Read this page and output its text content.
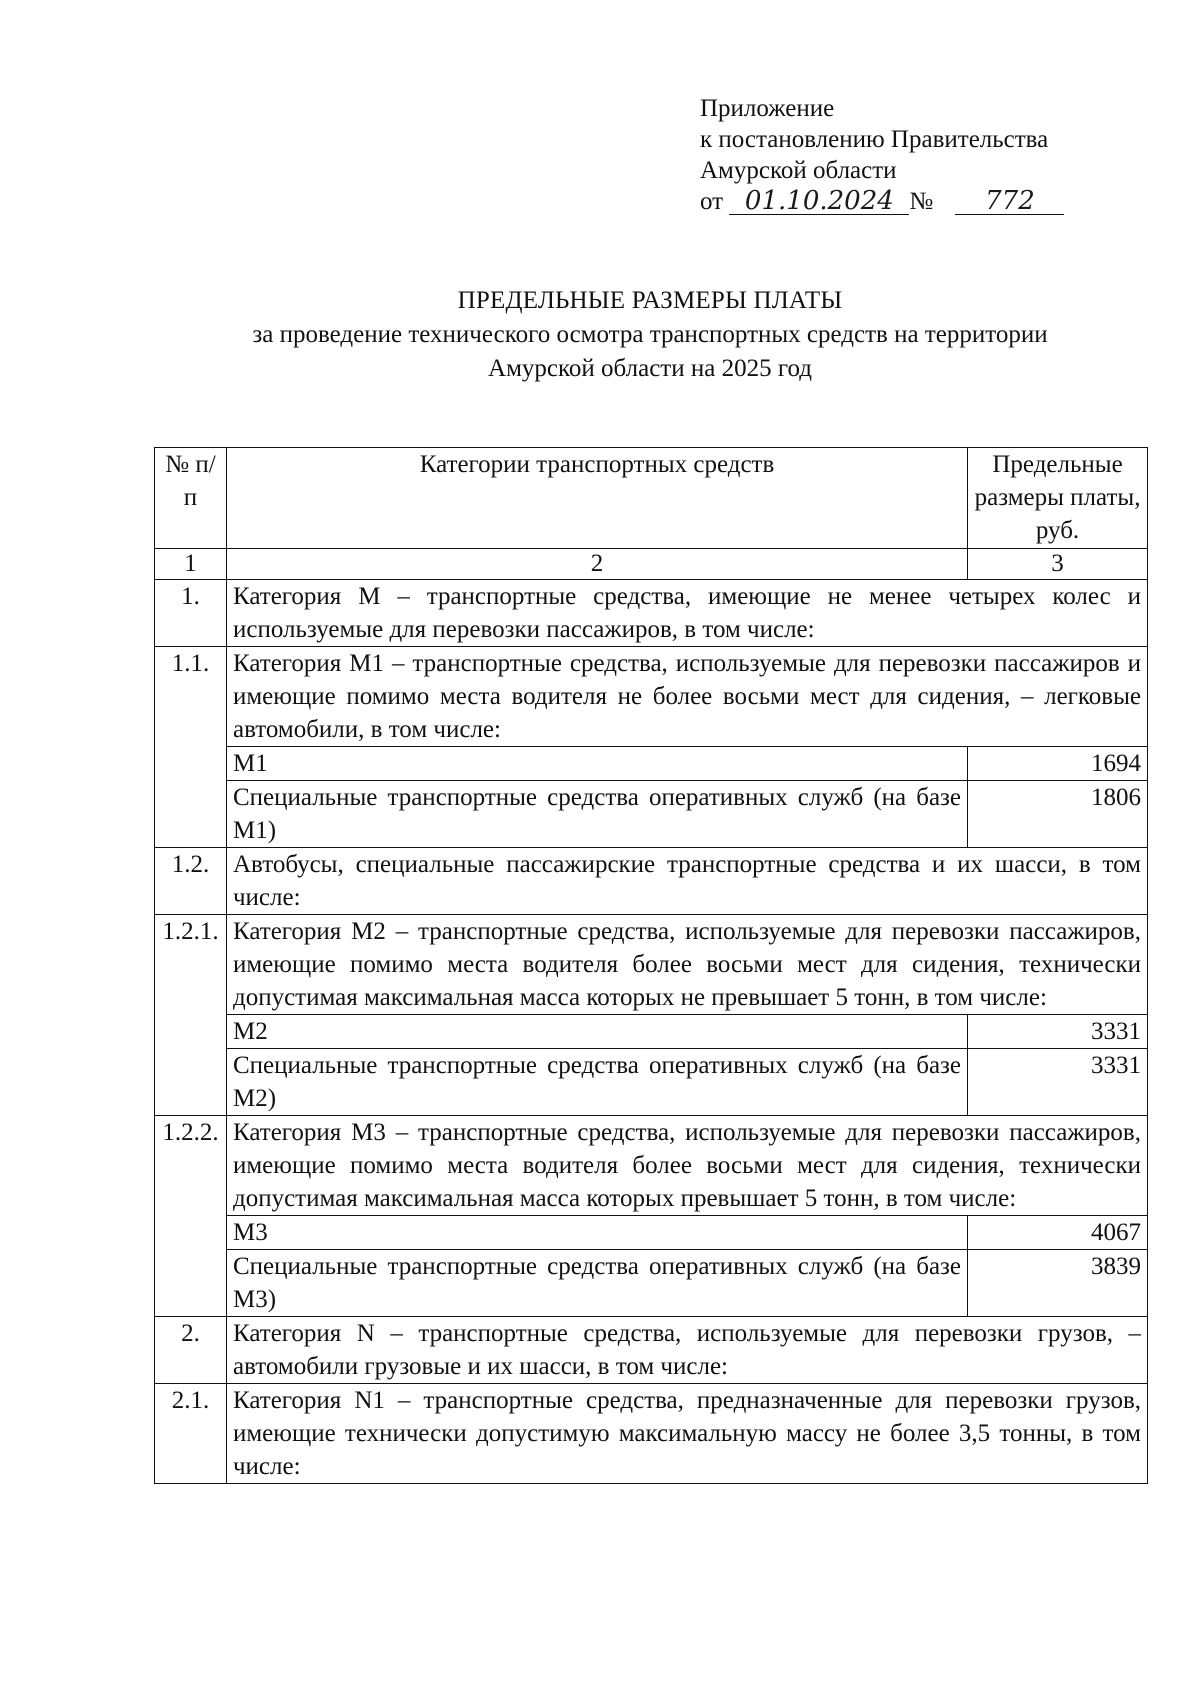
Приложение
к постановлению Правительства
Амурской области
от 01.10.2024 № 772
ПРЕДЕЛЬНЫЕ РАЗМЕРЫ ПЛАТЫ
за проведение технического осмотра транспортных средств на территории
Амурской области на 2025 год
№ п/п	Категории транспортных средств	Предельные размеры платы, руб.
1	2	3
1.	Категория M – транспортные средства, имеющие не менее четырех колес и используемые для перевозки пассажиров, в том числе:	
1.1.	Категория M1 – транспортные средства, используемые для перевозки пассажиров и имеющие помимо места водителя не более восьми мест для сидения, – легковые автомобили, в том числе:	
	M1	1694
	Специальные транспортные средства оперативных служб (на базе M1)	1806
1.2.	Автобусы, специальные пассажирские транспортные средства и их шасси, в том числе:	
1.2.1.	Категория M2 – транспортные средства, используемые для перевозки пассажиров, имеющие помимо места водителя более восьми мест для сидения, технически допустимая максимальная масса которых не превышает 5 тонн, в том числе:	
	M2	3331
	Специальные транспортные средства оперативных служб (на базе M2)	3331
1.2.2.	Категория M3 – транспортные средства, используемые для перевозки пассажиров, имеющие помимо места водителя более восьми мест для сидения, технически допустимая максимальная масса которых превышает 5 тонн, в том числе:	
	M3	4067
	Специальные транспортные средства оперативных служб (на базе M3)	3839
2.	Категория N – транспортные средства, используемые для перевозки грузов, – автомобили грузовые и их шасси, в том числе:	
2.1.	Категория N1 – транспортные средства, предназначенные для перевозки грузов, имеющие технически допустимую максимальную массу не более 3,5 тонны, в том числе:	
